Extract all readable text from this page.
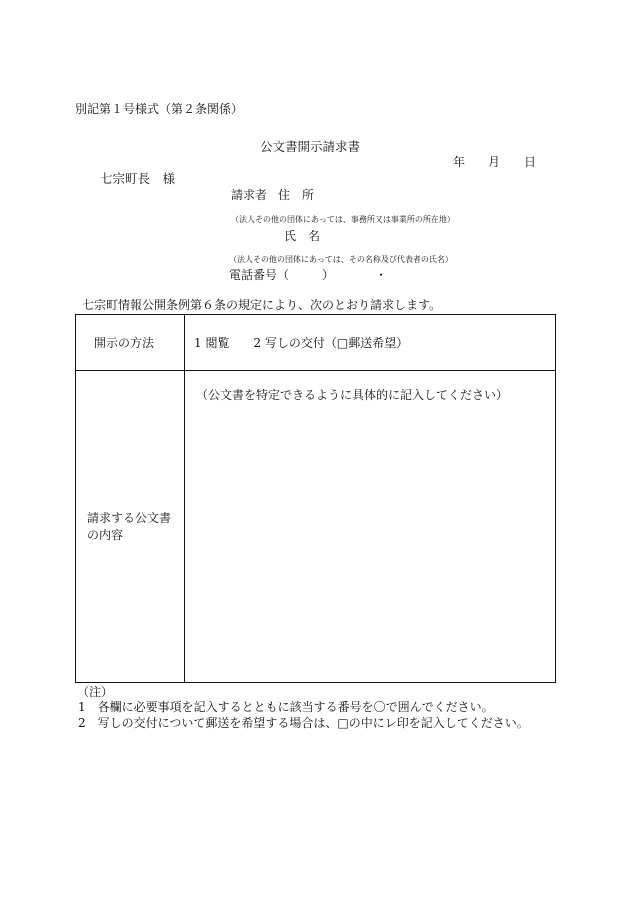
別記第１号様式（第２条関係）
公文書開示請求書
年 月 日
七宗町長　様
請求者 住　所
（法人その他の団体にあっては、事務所又は事業所の所在地）
氏　名
（法人その他の団体にあっては、その名称及び代表者の氏名）
電話番号（	）	・
七宗町情報公開条例第６条の規定により、次のとおり請求します。
開示の方法	1 閲覧　　2 写しの交付（□郵送希望）

請求する公文書
の内容	（公文書を特定できるように具体的に記入してください）
（注）
1　各欄に必要事項を記入するとともに該当する番号を〇で囲んでください。
2　写しの交付について郵送を希望する場合は、□の中にレ印を記入してください。
